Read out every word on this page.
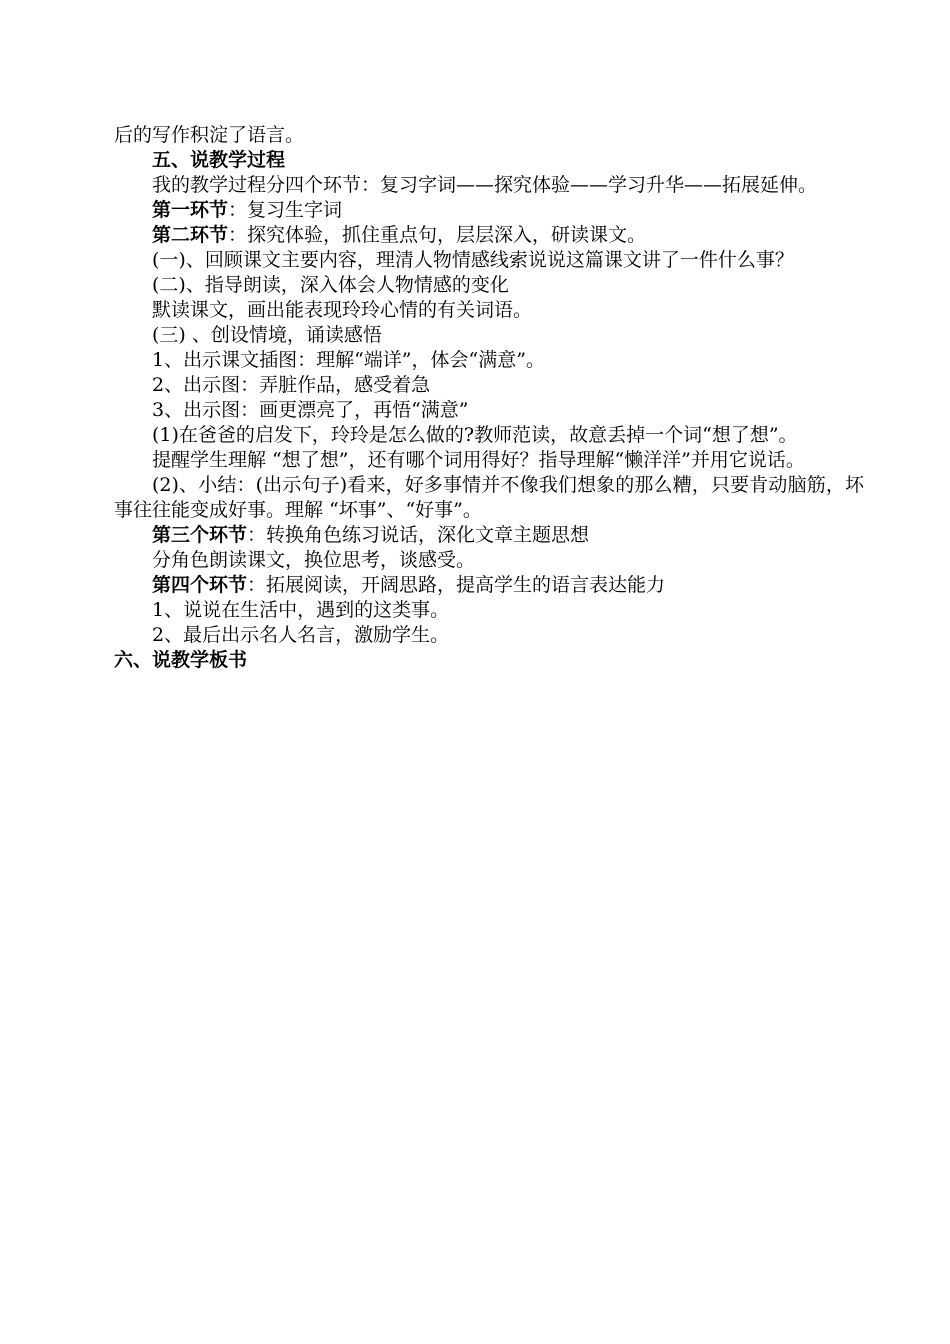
后的写作积淀了语言。

五、说教学过程

我的教学过程分四个环节：复习字词——探究体验——学习升华——拓展延伸。

第一环节：复习生字词

第二环节：探究体验，抓住重点句，层层深入，研读课文。

(一)、回顾课文主要内容，理清人物情感线索说说这篇课文讲了一件什么事？

(二)、指导朗读，深入体会人物情感的变化

默读课文，画出能表现玲玲心情的有关词语。

(三) 、创设情境，诵读感悟

1、出示课文插图：理解“端详”，体会“满意”。

2、出示图：弄脏作品，感受着急

3、出示图：画更漂亮了，再悟“满意”

(1)在爸爸的启发下，玲玲是怎么做的?教师范读，故意丢掉一个词“想了想”。

提醒学生理解 “想了想”，还有哪个词用得好？指导理解“懒洋洋”并用它说话。

(2)、小结：(出示句子)看来，好多事情并不像我们想象的那么糟，只要肯动脑筋，坏事往往能变成好事。理解 “坏事”、“好事”。

第三个环节：转换角色练习说话，深化文章主题思想

分角色朗读课文，换位思考，谈感受。

第四个环节：拓展阅读，开阔思路，提高学生的语言表达能力

1、说说在生活中，遇到的这类事。

2、最后出示名人名言，激励学生。

六、说教学板书
